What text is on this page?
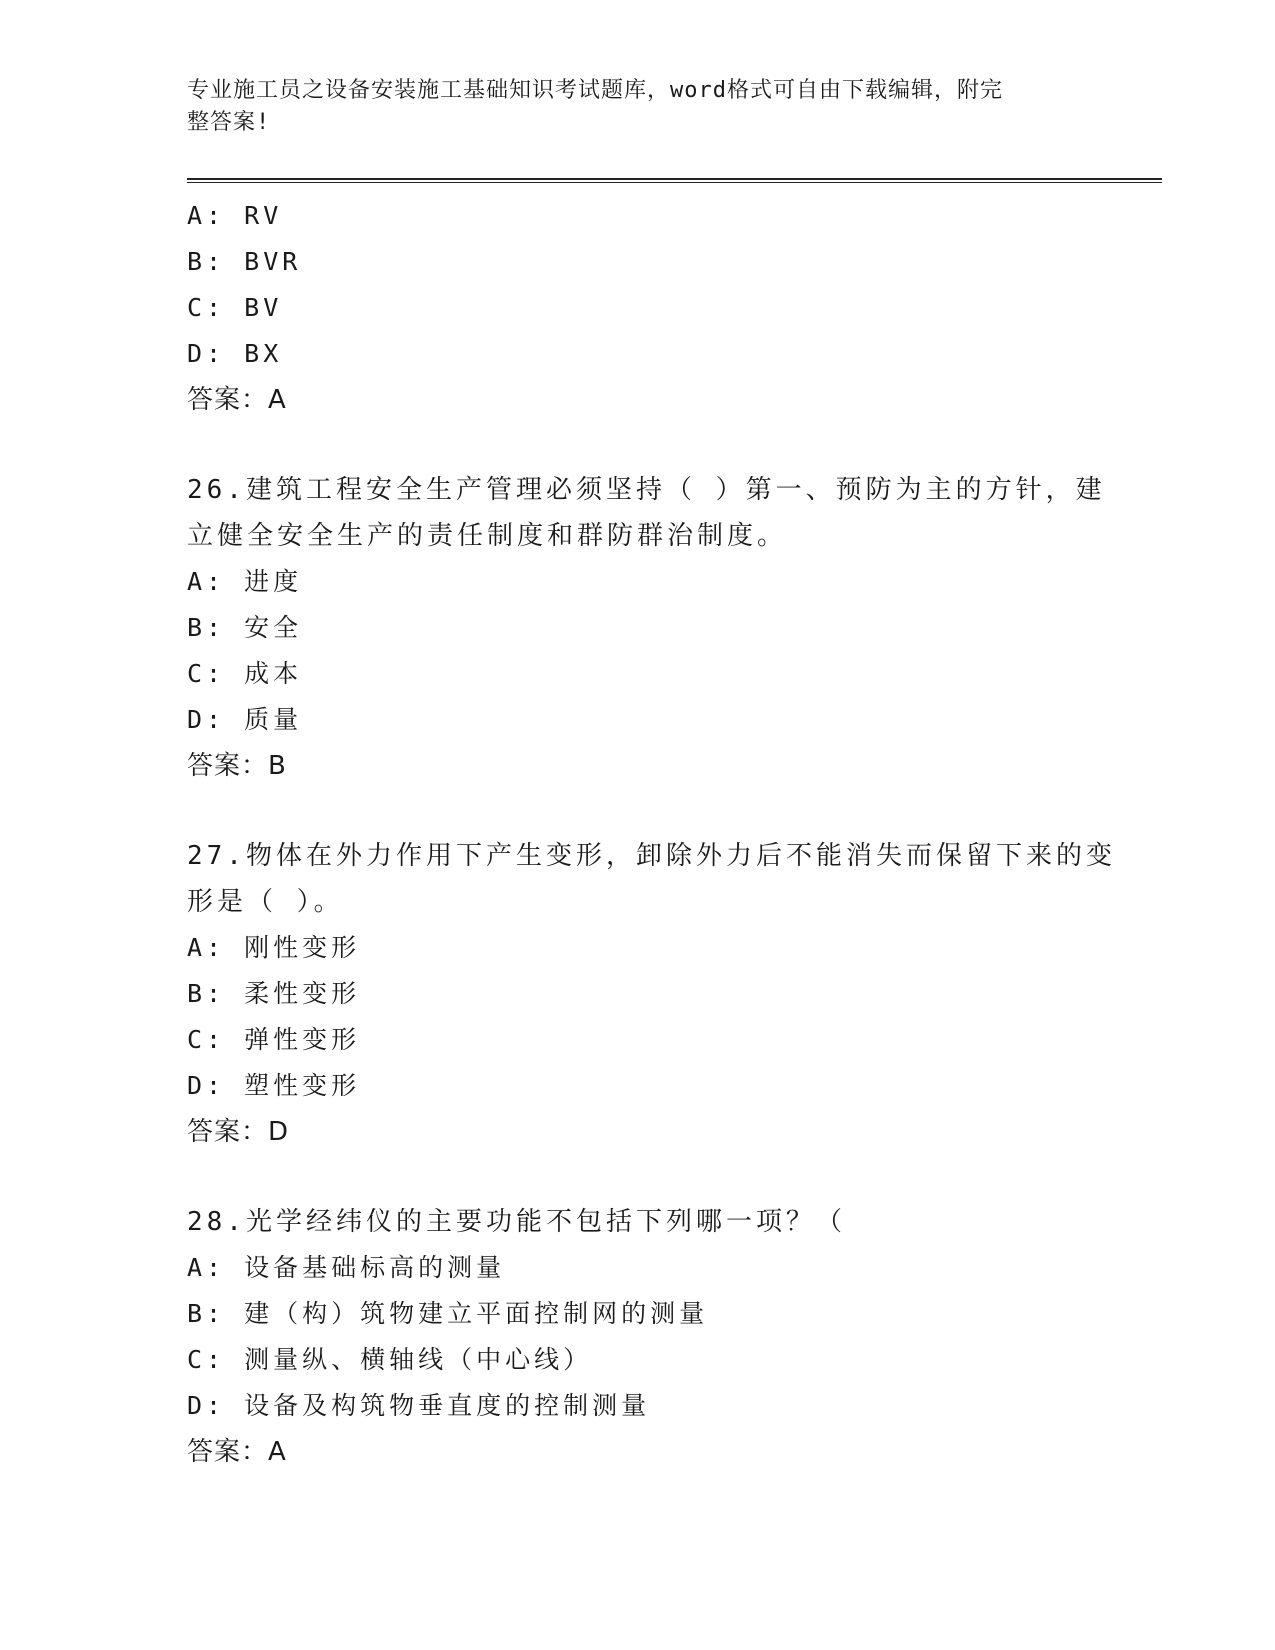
专业施工员之设备安装施工基础知识考试题库，word格式可自由下载编辑，附完
整答案!
A: RV
B: BVR
C: BV
D: BX
答案：A
26.建筑工程安全生产管理必须坚持（ ）第一、预防为主的方针，建
立健全安全生产的责任制度和群防群治制度。
A: 进度
B: 安全
C: 成本
D: 质量
答案：B
27.物体在外力作用下产生变形，卸除外力后不能消失而保留下来的变
形是（ ）。
A: 刚性变形
B: 柔性变形
C: 弹性变形
D: 塑性变形
答案：D
28.光学经纬仪的主要功能不包括下列哪一项？（
A: 设备基础标高的测量
B: 建（构）筑物建立平面控制网的测量
C: 测量纵、横轴线（中心线）
D: 设备及构筑物垂直度的控制测量
答案：A
